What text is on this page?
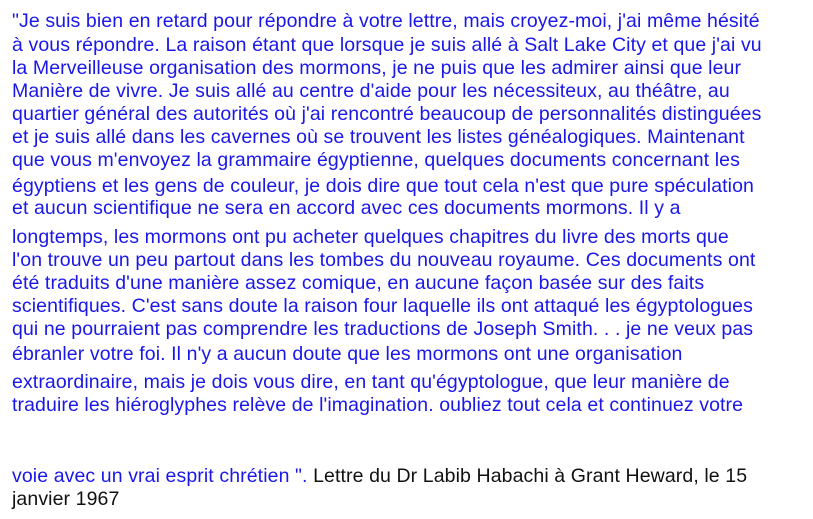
"Je suis bien en retard pour répondre à votre lettre, mais croyez-moi, j'ai même hésité
à vous répondre. La raison étant que lorsque je suis allé à Salt Lake City et que j'ai vu
la Merveilleuse organisation des mormons, je ne puis que les admirer ainsi que leur
Manière de vivre. Je suis allé au centre d'aide pour les nécessiteux, au théâtre, au
quartier général des autorités où j'ai rencontré beaucoup de personnalités distinguées
et je suis allé dans les cavernes où se trouvent les listes généalogiques. Maintenant
que vous m'envoyez la grammaire égyptienne, quelques documents concernant les
égyptiens et les gens de couleur, je dois dire que tout cela n'est que pure spéculation
et aucun scientifique ne sera en accord avec ces documents mormons. Il y a
longtemps, les mormons ont pu acheter quelques chapitres du livre des morts que
l'on trouve un peu partout dans les tombes du nouveau royaume. Ces documents ont
été traduits d'une manière assez comique, en aucune façon basée sur des faits
scientifiques. C'est sans doute la raison four laquelle ils ont attaqué les égyptologues
qui ne pourraient pas comprendre les traductions de Joseph Smith. . . je ne veux pas
ébranler votre foi. Il n'y a aucun doute que les mormons ont une organisation
extraordinaire, mais je dois vous dire, en tant qu'égyptologue, que leur manière de
traduire les hiéroglyphes relève de l'imagination. oubliez tout cela et continuez votre
voie avec un vrai esprit chrétien ". Lettre du Dr Labib Habachi à Grant Heward, le 15
janvier 1967
